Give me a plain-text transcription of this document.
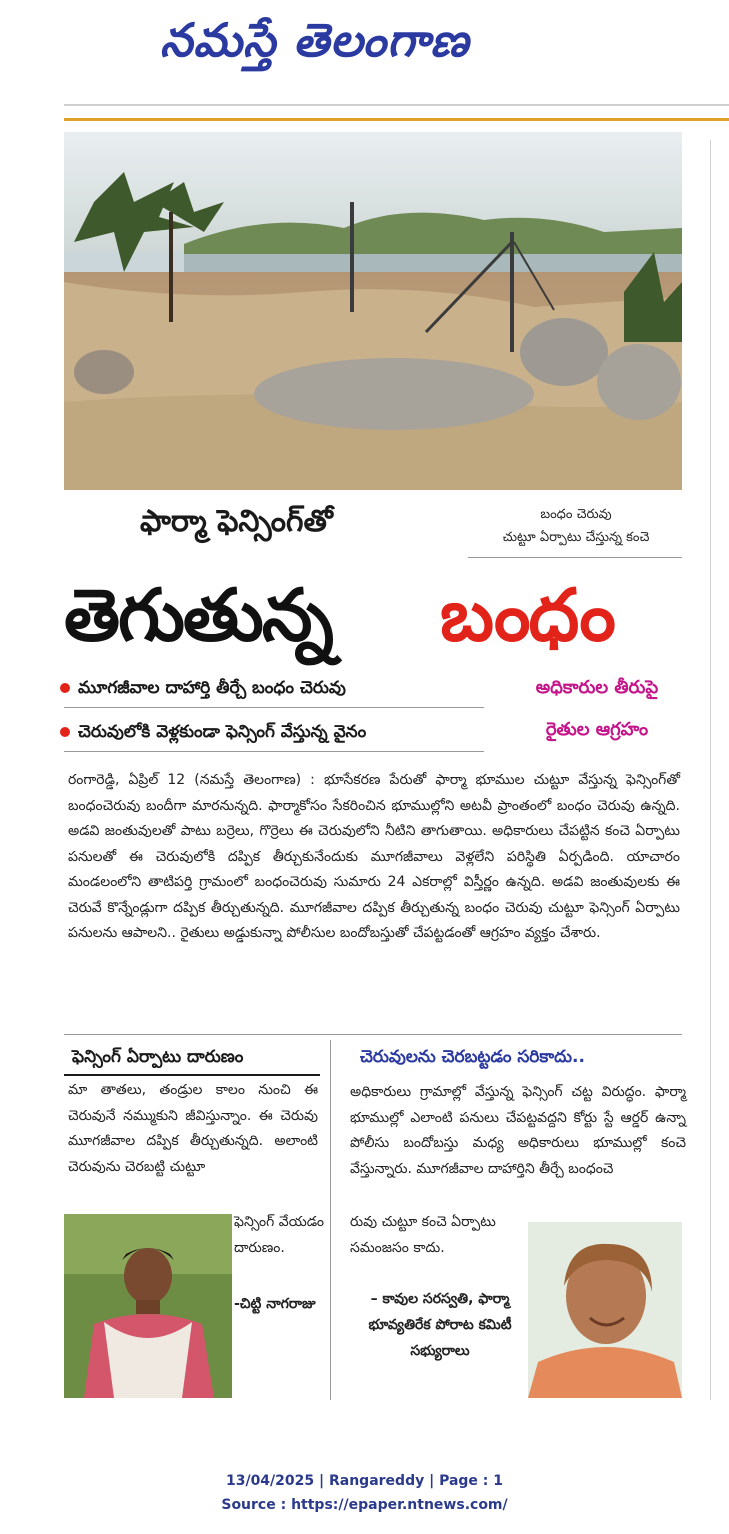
నమస్తే తెలంగాణ
ఫార్మా ఫెన్సింగ్‌తో	బంధం చెరువు
చుట్టూ ఏర్పాటు చేస్తున్న కంచె
తెగుతున్న	బంధం
మూగజీవాల దాహార్తి తీర్చే బంధం చెరువు
చెరువులోకి వెళ్లకుండా ఫెన్సింగ్ వేస్తున్న వైనం
అధికారుల తీరుపై
రైతుల ఆగ్రహం
రంగారెడ్డి, ఏప్రిల్ 12 (నమస్తే తెలంగాణ) : భూసేకరణ పేరుతో ఫార్మా భూముల చుట్టూ వేస్తున్న ఫెన్సింగ్‌తో బంధంచెరువు బందీగా మారనున్నది. ఫార్మాకోసం సేకరించిన భూముల్లోని అటవీ ప్రాంతంలో బంధం చెరువు ఉన్నది. అడవి జంతువులతో పాటు బర్రెలు, గొర్రెలు ఈ చెరువులోని నీటిని తాగుతాయి. అధికారులు చేపట్టిన కంచె ఏర్పాటు పనులతో ఈ చెరువులోకి దప్పిక తీర్చుకునేందుకు మూగజీవాలు వెళ్లలేని పరిస్థితి ఏర్పడింది. యాచారం మండలంలోని తాటిపర్తి గ్రామంలో బంధంచెరువు సుమారు 24 ఎకరాల్లో విస్తీర్ణం ఉన్నది. అడవి జంతువులకు ఈ చెరువే కొన్నేండ్లుగా దప్పిక తీర్చుతున్నది. మూగజీవాల దప్పిక తీర్చుతున్న బంధం చెరువు చుట్టూ ఫెన్సింగ్ ఏర్పాటు పనులను ఆపాలని.. రైతులు అడ్డుకున్నా పోలీసుల బందోబస్తుతో చేపట్టడంతో ఆగ్రహం వ్యక్తం చేశారు.
ఫెన్సింగ్ ఏర్పాటు దారుణం
మా తాతలు, తండ్రుల కాలం నుంచి ఈ చెరువునే నమ్ముకుని జీవిస్తున్నాం. ఈ చెరువు మూగజీవాల దప్పిక తీర్చుతున్నది. అలాంటి చెరువును చెరబట్టి చుట్టూ
ఫెన్సింగ్ వేయడం దారుణం.
-చిట్టి నాగరాజు
చెరువులను చెరబట్టడం సరికాదు..
అధికారులు గ్రామాల్లో వేస్తున్న ఫెన్సింగ్ చట్ట విరుద్ధం. ఫార్మా భూముల్లో ఎలాంటి పనులు చేపట్టవద్దని కోర్టు స్టే ఆర్డర్ ఉన్నా పోలీసు బందోబస్తు మధ్య అధికారులు భూముల్లో కంచె వేస్తున్నారు. మూగజీవాల దాహార్తిని తీర్చే బంధంచె
రువు చుట్టూ కంచె ఏర్పాటు సమంజసం కాదు.
– కావుల సరస్వతి, ఫార్మా భూవ్యతిరేక పోరాట కమిటీ సభ్యురాలు
13/04/2025 | Rangareddy | Page : 1
Source : https://epaper.ntnews.com/
